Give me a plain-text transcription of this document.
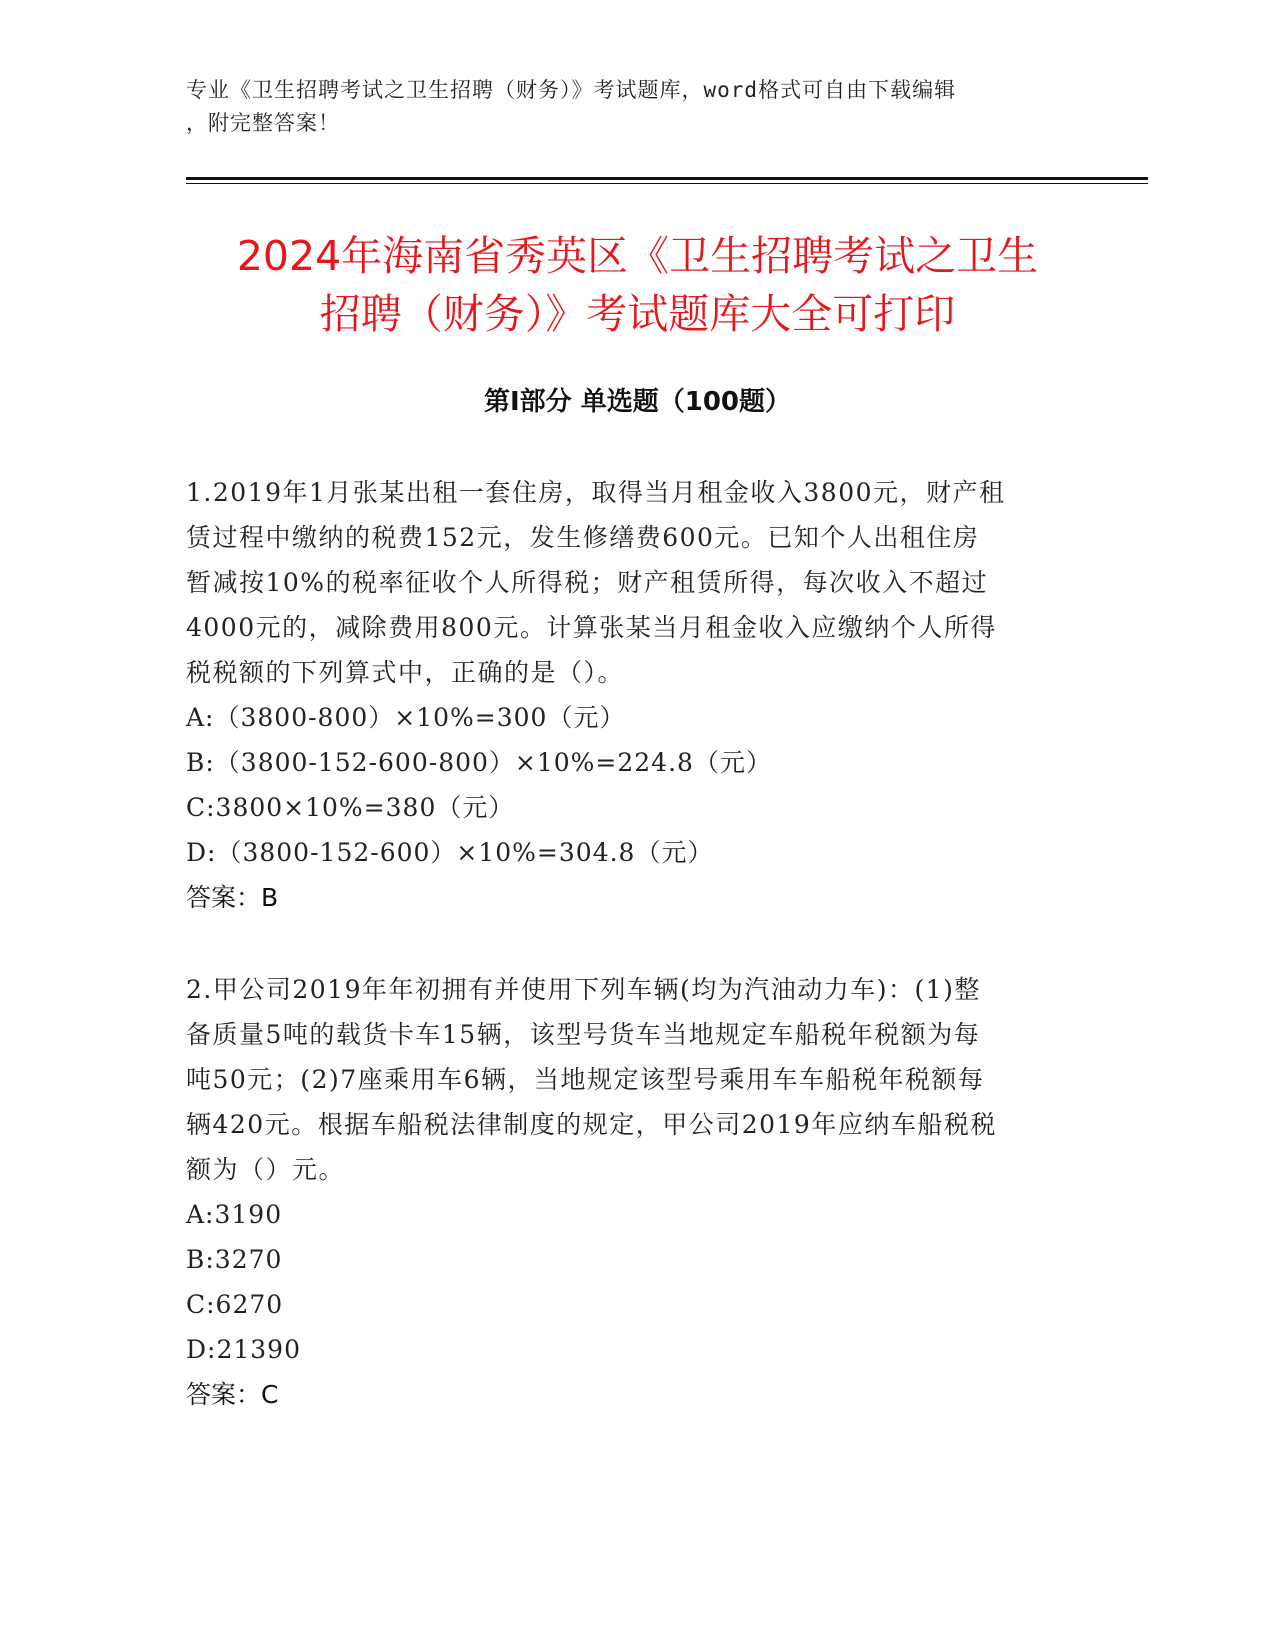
专业《卫生招聘考试之卫生招聘（财务）》考试题库，word格式可自由下载编辑
，附完整答案！
2024年海南省秀英区《卫生招聘考试之卫生
招聘（财务）》考试题库大全可打印
第Ⅰ部分 单选题（100题）
1.2019年1月张某出租一套住房，取得当月租金收入3800元，财产租
赁过程中缴纳的税费152元，发生修缮费600元。已知个人出租住房
暂减按10%的税率征收个人所得税；财产租赁所得，每次收入不超过
4000元的，减除费用800元。计算张某当月租金收入应缴纳个人所得
税税额的下列算式中，正确的是（）。
A:（3800-800）×10%=300（元）
B:（3800-152-600-800）×10%=224.8（元）
C:3800×10%=380（元）
D:（3800-152-600）×10%=304.8（元）
答案：B
2.甲公司2019年年初拥有并使用下列车辆(均为汽油动力车)：(1)整
备质量5吨的载货卡车15辆，该型号货车当地规定车船税年税额为每
吨50元；(2)7座乘用车6辆，当地规定该型号乘用车车船税年税额每
辆420元。根据车船税法律制度的规定，甲公司2019年应纳车船税税
额为（）元。
A:3190
B:3270
C:6270
D:21390
答案：C
